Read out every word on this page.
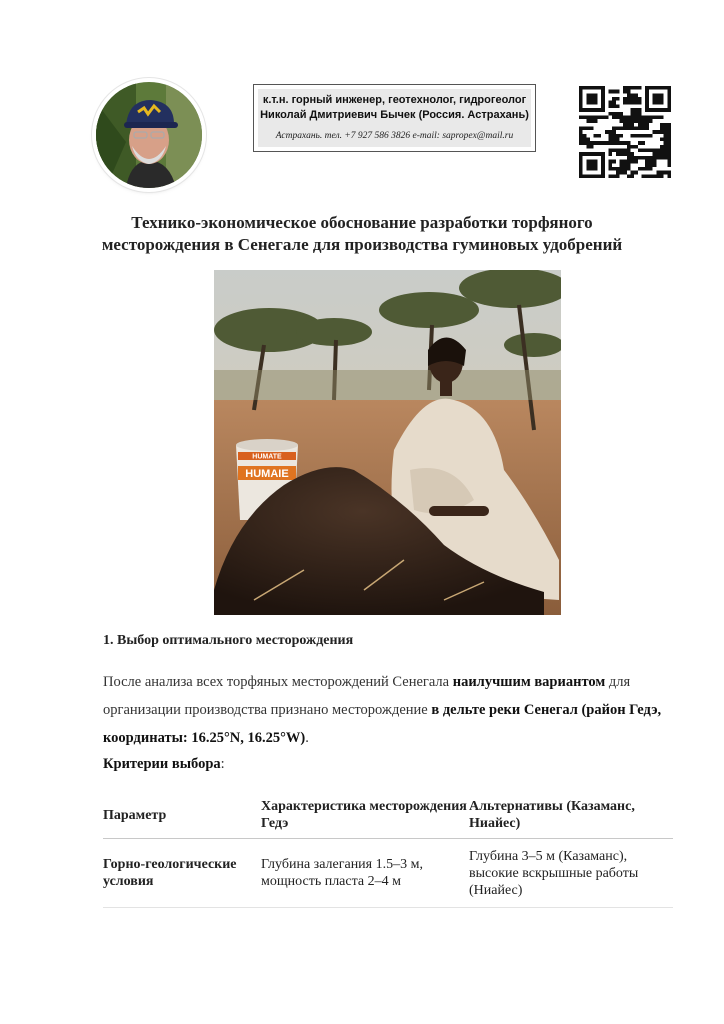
к.т.н. горный инженер, геотехнолог, гидрогеолог
Николай Дмитриевич Бычек (Россия. Астрахань)
Астрахань. тел. +7 927 586 3826 e-mail: sapropex@mail.ru
Технико-экономическое обоснование разработки торфяного
месторождения в Сенегале для производства гуминовых удобрений
HUMATE
HUMAIE
1. Выбор оптимального месторождения
После анализа всех торфяных месторождений Сенегала наилучшим вариантом для организации производства признано месторождение в дельте реки Сенегал (район Гедэ, координаты: 16.25°N, 16.25°W).
Критерии выбора:
Параметр	Характеристика месторождения Гедэ	Альтернативы (Казаманс, Ниайес)
Горно-геологические условия	Глубина залегания 1.5–3 м, мощность пласта 2–4 м	Глубина 3–5 м (Казаманс), высокие вскрышные работы (Ниайес)
